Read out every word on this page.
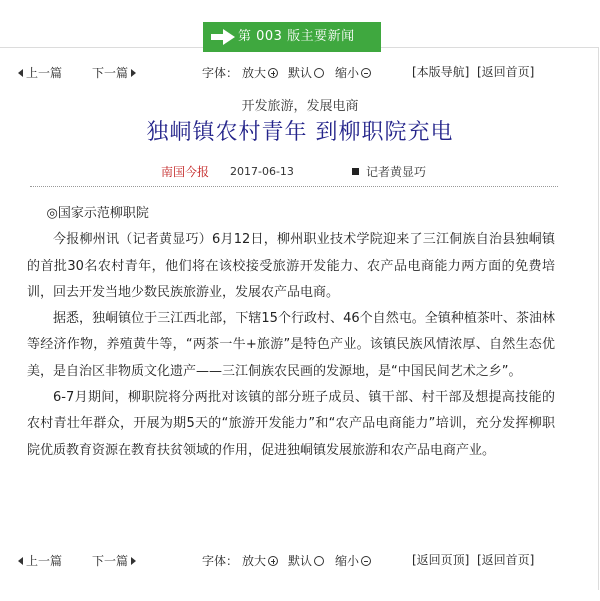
第 003 版主要新闻
上一篇 下一篇	字体： 放大	默认	缩小	[本版导航] [返回首页]
开发旅游，发展电商
独峒镇农村青年 到柳职院充电
南国今报 2017-06-13	记者黄显巧

◎国家示范柳职院

今报柳州讯（记者黄显巧）6月12日，柳州职业技术学院迎来了三江侗族自治县独峒镇的首批30名农村青年，他们将在该校接受旅游开发能力、农产品电商能力两方面的免费培训，回去开发当地少数民族旅游业，发展农产品电商。

据悉，独峒镇位于三江西北部，下辖15个行政村、46个自然屯。全镇种植茶叶、茶油林等经济作物，养殖黄牛等，“两茶一牛+旅游”是特色产业。该镇民族风情浓厚、自然生态优美，是自治区非物质文化遗产——三江侗族农民画的发源地，是“中国民间艺术之乡”。

6-7月期间，柳职院将分两批对该镇的部分班子成员、镇干部、村干部及想提高技能的农村青壮年群众，开展为期5天的“旅游开发能力”和“农产品电商能力”培训，充分发挥柳职院优质教育资源在教育扶贫领域的作用，促进独峒镇发展旅游和农产品电商产业。

上一篇 下一篇	字体： 放大	默认	缩小	[返回页顶] [返回首页]
